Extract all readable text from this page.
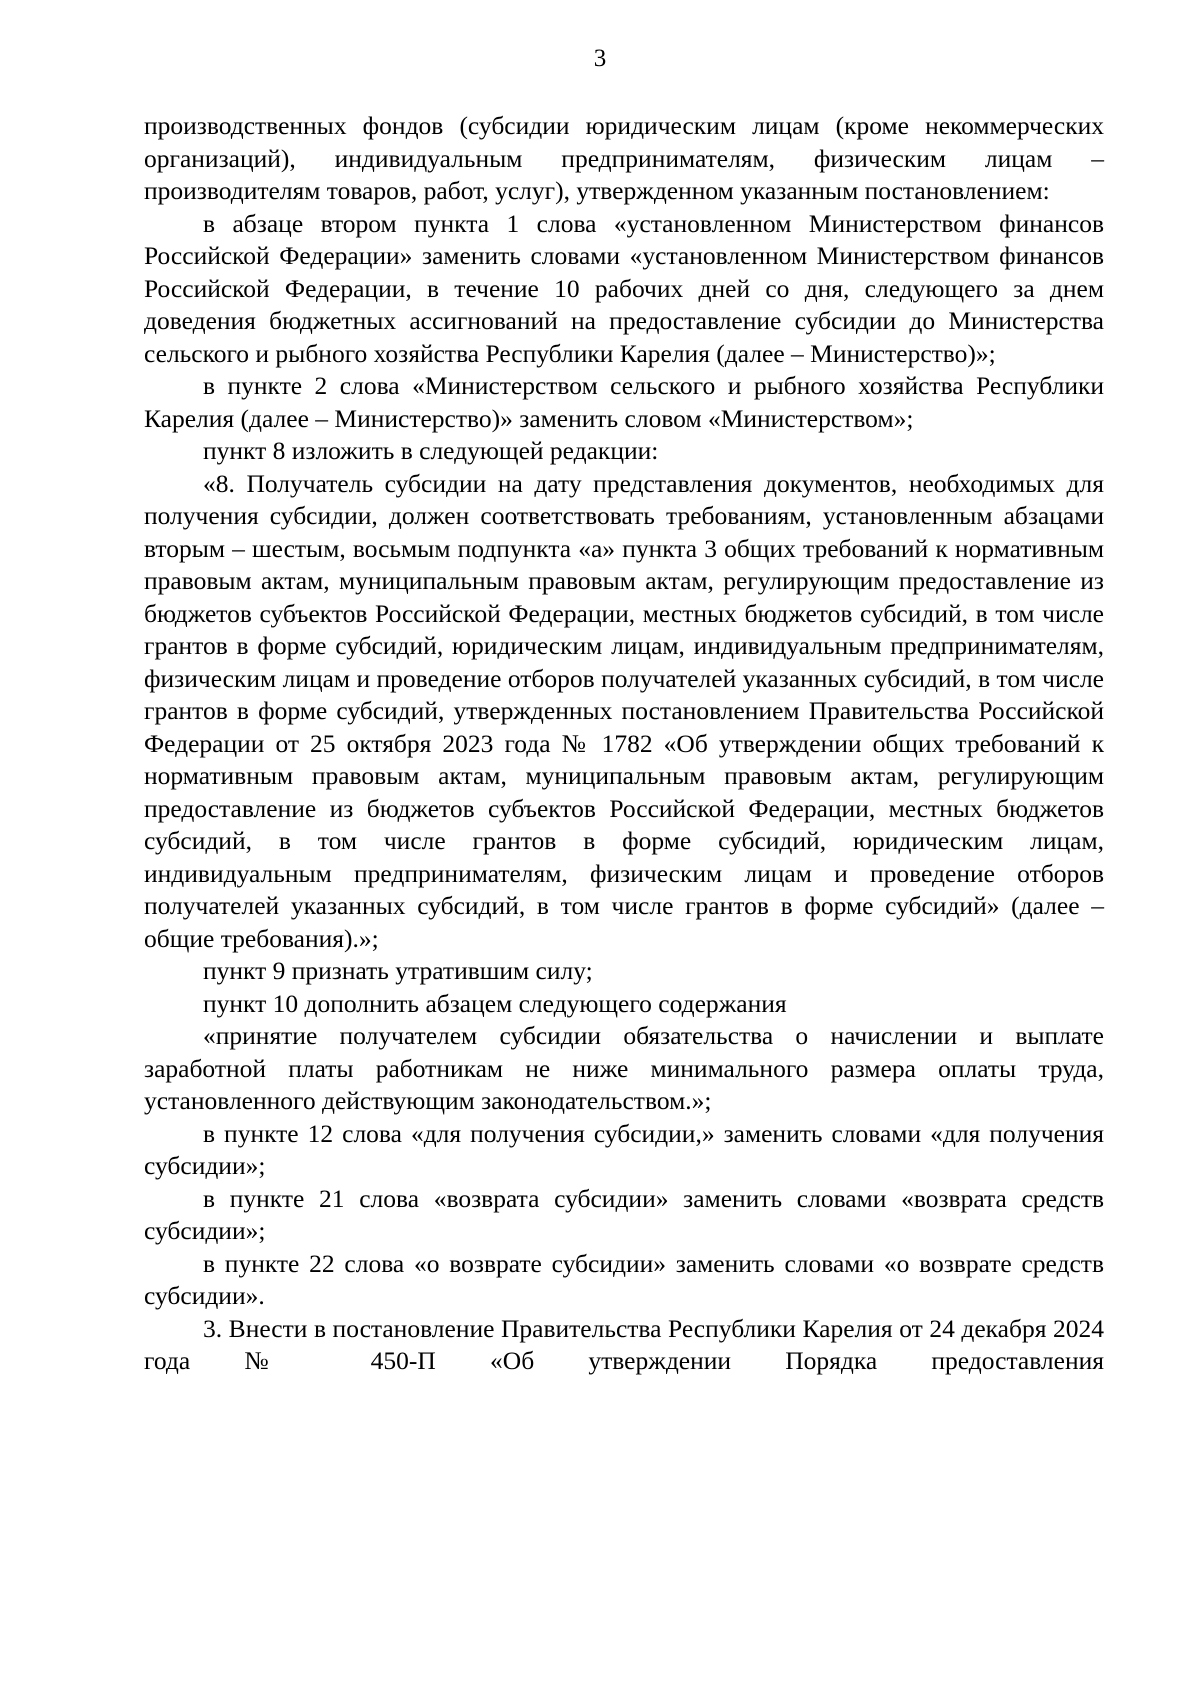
3

производственных фондов (субсидии юридическим лицам (кроме некоммерческих организаций), индивидуальным предпринимателям, физическим лицам – производителям товаров, работ, услуг), утвержденном указанным постановлением:

в абзаце втором пункта 1 слова «установленном Министерством финансов Российской Федерации» заменить словами «установленном Министерством финансов Российской Федерации, в течение 10 рабочих дней со дня, следующего за днем доведения бюджетных ассигнований на предоставление субсидии до Министерства сельского и рыбного хозяйства Республики Карелия (далее – Министерство)»;

в пункте 2 слова «Министерством сельского и рыбного хозяйства Республики Карелия (далее – Министерство)» заменить словом «Министерством»;

пункт 8 изложить в следующей редакции:

«8. Получатель субсидии на дату представления документов, необходимых для получения субсидии, должен соответствовать требованиям, установленным абзацами вторым – шестым, восьмым подпункта «а» пункта 3 общих требований к нормативным правовым актам, муниципальным правовым актам, регулирующим предоставление из бюджетов субъектов Российской Федерации, местных бюджетов субсидий, в том числе грантов в форме субсидий, юридическим лицам, индивидуальным предпринимателям, физическим лицам и проведение отборов получателей указанных субсидий, в том числе грантов в форме субсидий, утвержденных постановлением Правительства Российской Федерации от 25 октября 2023 года № 1782 «Об утверждении общих требований к нормативным правовым актам, муниципальным правовым актам, регулирующим предоставление из бюджетов субъектов Российской Федерации, местных бюджетов субсидий, в том числе грантов в форме субсидий, юридическим лицам, индивидуальным предпринимателям, физическим лицам и проведение отборов получателей указанных субсидий, в том числе грантов в форме субсидий» (далее – общие требования).»;

пункт 9 признать утратившим силу;

пункт 10 дополнить абзацем следующего содержания

«принятие получателем субсидии обязательства о начислении и выплате заработной платы работникам не ниже минимального размера оплаты труда, установленного действующим законодательством.»;

в пункте 12 слова «для получения субсидии,» заменить словами «для получения субсидии»;

в пункте 21 слова «возврата субсидии» заменить словами «возврата средств субсидии»;

в пункте 22 слова «о возврате субсидии» заменить словами «о возврате средств субсидии».

3. Внести в постановление Правительства Республики Карелия от 24 декабря 2024 года № 450-П «Об утверждении Порядка предоставления
